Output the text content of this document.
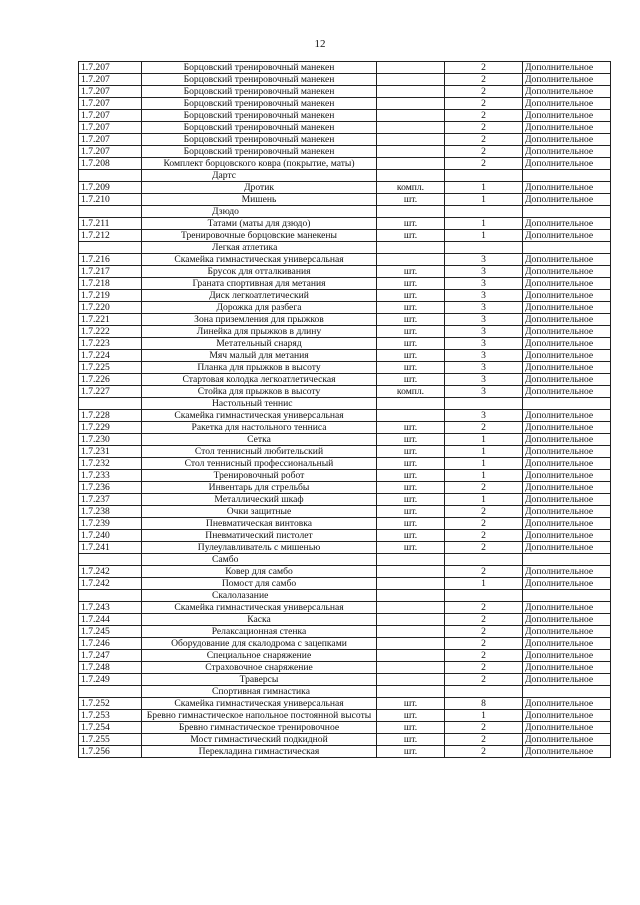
12
1.7.207	Борцовский тренировочный манекен		2	Дополнительное
1.7.207	Борцовский тренировочный манекен		2	Дополнительное
1.7.207	Борцовский тренировочный манекен		2	Дополнительное
1.7.207	Борцовский тренировочный манекен		2	Дополнительное
1.7.207	Борцовский тренировочный манекен		2	Дополнительное
1.7.207	Борцовский тренировочный манекен		2	Дополнительное
1.7.207	Борцовский тренировочный манекен		2	Дополнительное
1.7.207	Борцовский тренировочный манекен		2	Дополнительное
1.7.208	Комплект борцовского ковра (покрытие, маты)		2	Дополнительное
	Дартс			
1.7.209	Дротик	компл.	1	Дополнительное
1.7.210	Мишень	шт.	1	Дополнительное
	Дзюдо			
1.7.211	Татами (маты для дзюдо)	шт.	1	Дополнительное
1.7.212	Тренировочные борцовские манекены	шт.	1	Дополнительное
	Легкая атлетика			
1.7.216	Скамейка гимнастическая универсальная		3	Дополнительное
1.7.217	Брусок для отталкивания	шт.	3	Дополнительное
1.7.218	Граната спортивная для метания	шт.	3	Дополнительное
1.7.219	Диск легкоатлетический	шт.	3	Дополнительное
1.7.220	Дорожка для разбега	шт.	3	Дополнительное
1.7.221	Зона приземления для прыжков	шт.	3	Дополнительное
1.7.222	Линейка для прыжков в длину	шт.	3	Дополнительное
1.7.223	Метательный снаряд	шт.	3	Дополнительное
1.7.224	Мяч малый для метания	шт.	3	Дополнительное
1.7.225	Планка для прыжков в высоту	шт.	3	Дополнительное
1.7.226	Стартовая колодка легкоатлетическая	шт.	3	Дополнительное
1.7.227	Стойка для прыжков в высоту	компл.	3	Дополнительное
	Настольный теннис			
1.7.228	Скамейка гимнастическая универсальная		3	Дополнительное
1.7.229	Ракетка для настольного тенниса	шт.	2	Дополнительное
1.7.230	Сетка	шт.	1	Дополнительное
1.7.231	Стол теннисный любительский	шт.	1	Дополнительное
1.7.232	Стол теннисный профессиональный	шт.	1	Дополнительное
1.7.233	Тренировочный робот	шт.	1	Дополнительное
1.7.236	Инвентарь для стрельбы	шт.	2	Дополнительное
1.7.237	Металлический шкаф	шт.	1	Дополнительное
1.7.238	Очки защитные	шт.	2	Дополнительное
1.7.239	Пневматическая винтовка	шт.	2	Дополнительное
1.7.240	Пневматический пистолет	шт.	2	Дополнительное
1.7.241	Пулеулавливатель с мишенью	шт.	2	Дополнительное
	Самбо			
1.7.242	Ковер для самбо		2	Дополнительное
1.7.242	Помост для самбо		1	Дополнительное
	Скалолазание			
1.7.243	Скамейка гимнастическая универсальная		2	Дополнительное
1.7.244	Каска		2	Дополнительное
1.7.245	Релаксационная стенка		2	Дополнительное
1.7.246	Оборудование для скалодрома с зацепками		2	Дополнительное
1.7.247	Специальное снаряжение		2	Дополнительное
1.7.248	Страховочное снаряжение		2	Дополнительное
1.7.249	Траверсы		2	Дополнительное
	Спортивная гимнастика			
1.7.252	Скамейка гимнастическая универсальная	шт.	8	Дополнительное
1.7.253	Бревно гимнастическое напольное постоянной высоты	шт.	1	Дополнительное
1.7.254	Бревно гимнастическое тренировочное	шт.	2	Дополнительное
1.7.255	Мост гимнастический подкидной	шт.	2	Дополнительное
1.7.256	Перекладина гимнастическая	шт.	2	Дополнительное
